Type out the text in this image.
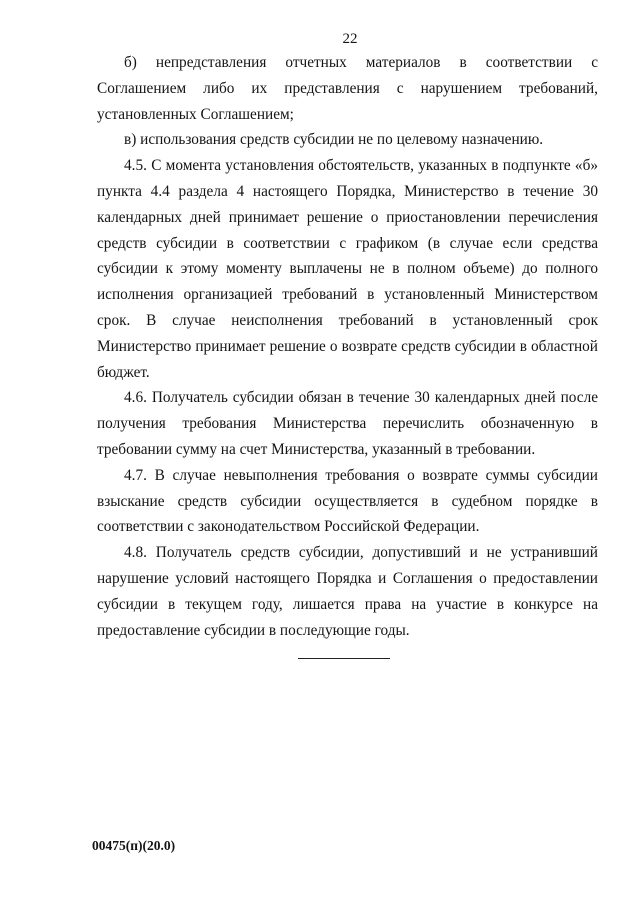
22

б) непредставления отчетных материалов в соответствии с Соглашением либо их представления с нарушением требований, установленных Соглашением;

в) использования средств субсидии не по целевому назначению.

4.5. С момента установления обстоятельств, указанных в подпункте «б» пункта 4.4 раздела 4 настоящего Порядка, Министерство в течение 30 календарных дней принимает решение о приостановлении перечисления средств субсидии в соответствии с графиком (в случае если средства субсидии к этому моменту выплачены не в полном объеме) до полного исполнения организацией требований в установленный Министерством срок. В случае неисполнения требований в установленный срок Министерство принимает решение о возврате средств субсидии в областной бюджет.

4.6. Получатель субсидии обязан в течение 30 календарных дней после получения требования Министерства перечислить обозначенную в требовании сумму на счет Министерства, указанный в требовании.

4.7. В случае невыполнения требования о возврате суммы субсидии взыскание средств субсидии осуществляется в судебном порядке в соответствии с законодательством Российской Федерации.

4.8. Получатель средств субсидии, допустивший и не устранивший нарушение условий настоящего Порядка и Соглашения о предоставлении субсидии в текущем году, лишается права на участие в конкурсе на предоставление субсидии в последующие годы.

00475(п)(20.0)
